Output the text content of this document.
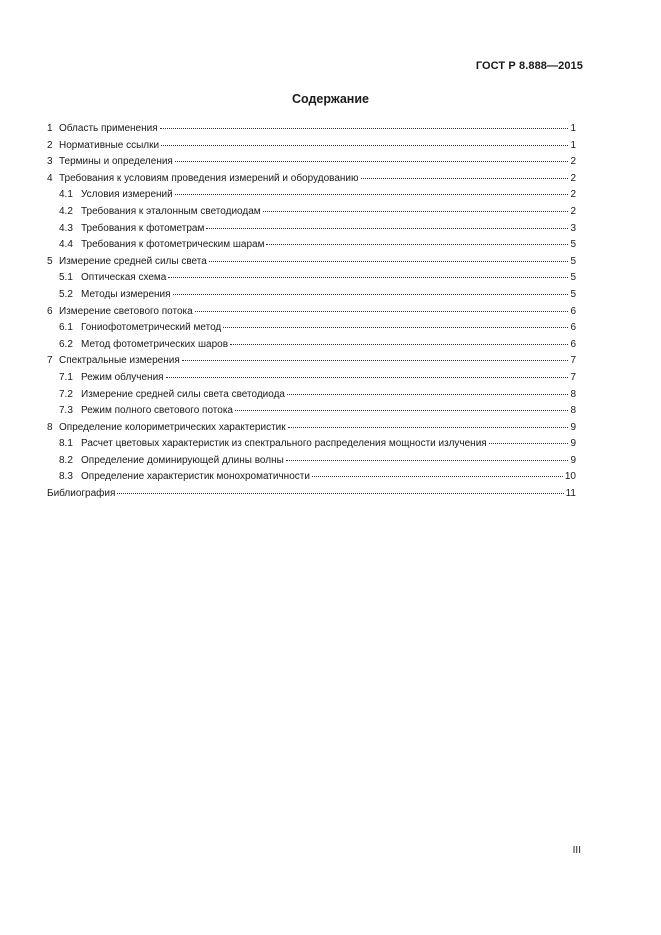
ГОСТ Р 8.888—2015
Содержание
1 Область применения	1
2 Нормативные ссылки	1
3 Термины и определения	2
4 Требования к условиям проведения измерений и оборудованию	2
4.1 Условия измерений	2
4.2 Требования к эталонным светодиодам	2
4.3 Требования к фотометрам	3
4.4 Требования к фотометрическим шарам	5
5 Измерение средней силы света	5
5.1 Оптическая схема	5
5.2 Методы измерения	5
6 Измерение светового потока	6
6.1 Гониофотометрический метод	6
6.2 Метод фотометрических шаров	6
7 Спектральные измерения	7
7.1 Режим облучения	7
7.2 Измерение средней силы света светодиода	8
7.3 Режим полного светового потока	8
8 Определение колориметрических характеристик	9
8.1 Расчет цветовых характеристик из спектрального распределения мощности излучения	9
8.2 Определение доминирующей длины волны	9
8.3 Определение характеристик монохроматичности	10
Библиография	11
III
